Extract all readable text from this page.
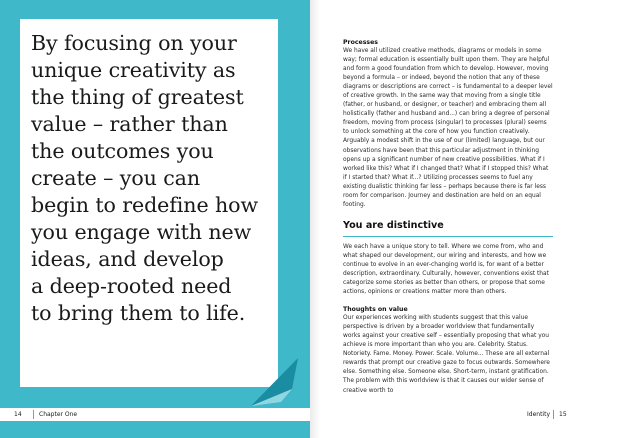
By focusing on your
unique creativity as
the thing of greatest
value – rather than
the outcomes you
create – you can
begin to redefine how
you engage with new
ideas, and develop
a deep-rooted need
to bring them to life.

14	Chapter One

Processes

We have all utilized creative methods, diagrams or models in some way; formal education is essentially built upon them. They are helpful and form a good foundation from which to develop. However, moving beyond a formula – or indeed, beyond the notion that any of these diagrams or descriptions are correct – is fundamental to a deeper level of creative growth. In the same way that moving from a single title (father, or husband, or designer, or teacher) and embracing them all holistically (father and husband and...) can bring a degree of personal freedom, moving from process (singular) to processes (plural) seems to unlock something at the core of how you function creatively. Arguably a modest shift in the use of our (limited) language, but our observations have been that this particular adjustment in thinking opens up a significant number of new creative possibilities. What if I worked like this? What if I changed that? What if I stopped this? What if I started that? What if...? Utilizing processes seems to fuel any existing dualistic thinking far less – perhaps because there is far less room for comparison. Journey and destination are held on an equal footing.

You are distinctive

We each have a unique story to tell. Where we come from, who and what shaped our development, our wiring and interests, and how we continue to evolve in an ever-changing world is, for want of a better description, extraordinary. Culturally, however, conventions exist that categorize some stories as better than others, or propose that some actions, opinions or creations matter more than others.

Thoughts on value

Our experiences working with students suggest that this value perspective is driven by a broader worldview that fundamentally works against your creative self – essentially proposing that what you achieve is more important than who you are. Celebrity. Status. Notoriety. Fame. Money. Power. Scale. Volume... These are all external rewards that prompt our creative gaze to focus outwards. Somewhere else. Something else. Someone else. Short-term, instant gratification. The problem with this worldview is that it causes our wider sense of creative worth to

Identity 15
